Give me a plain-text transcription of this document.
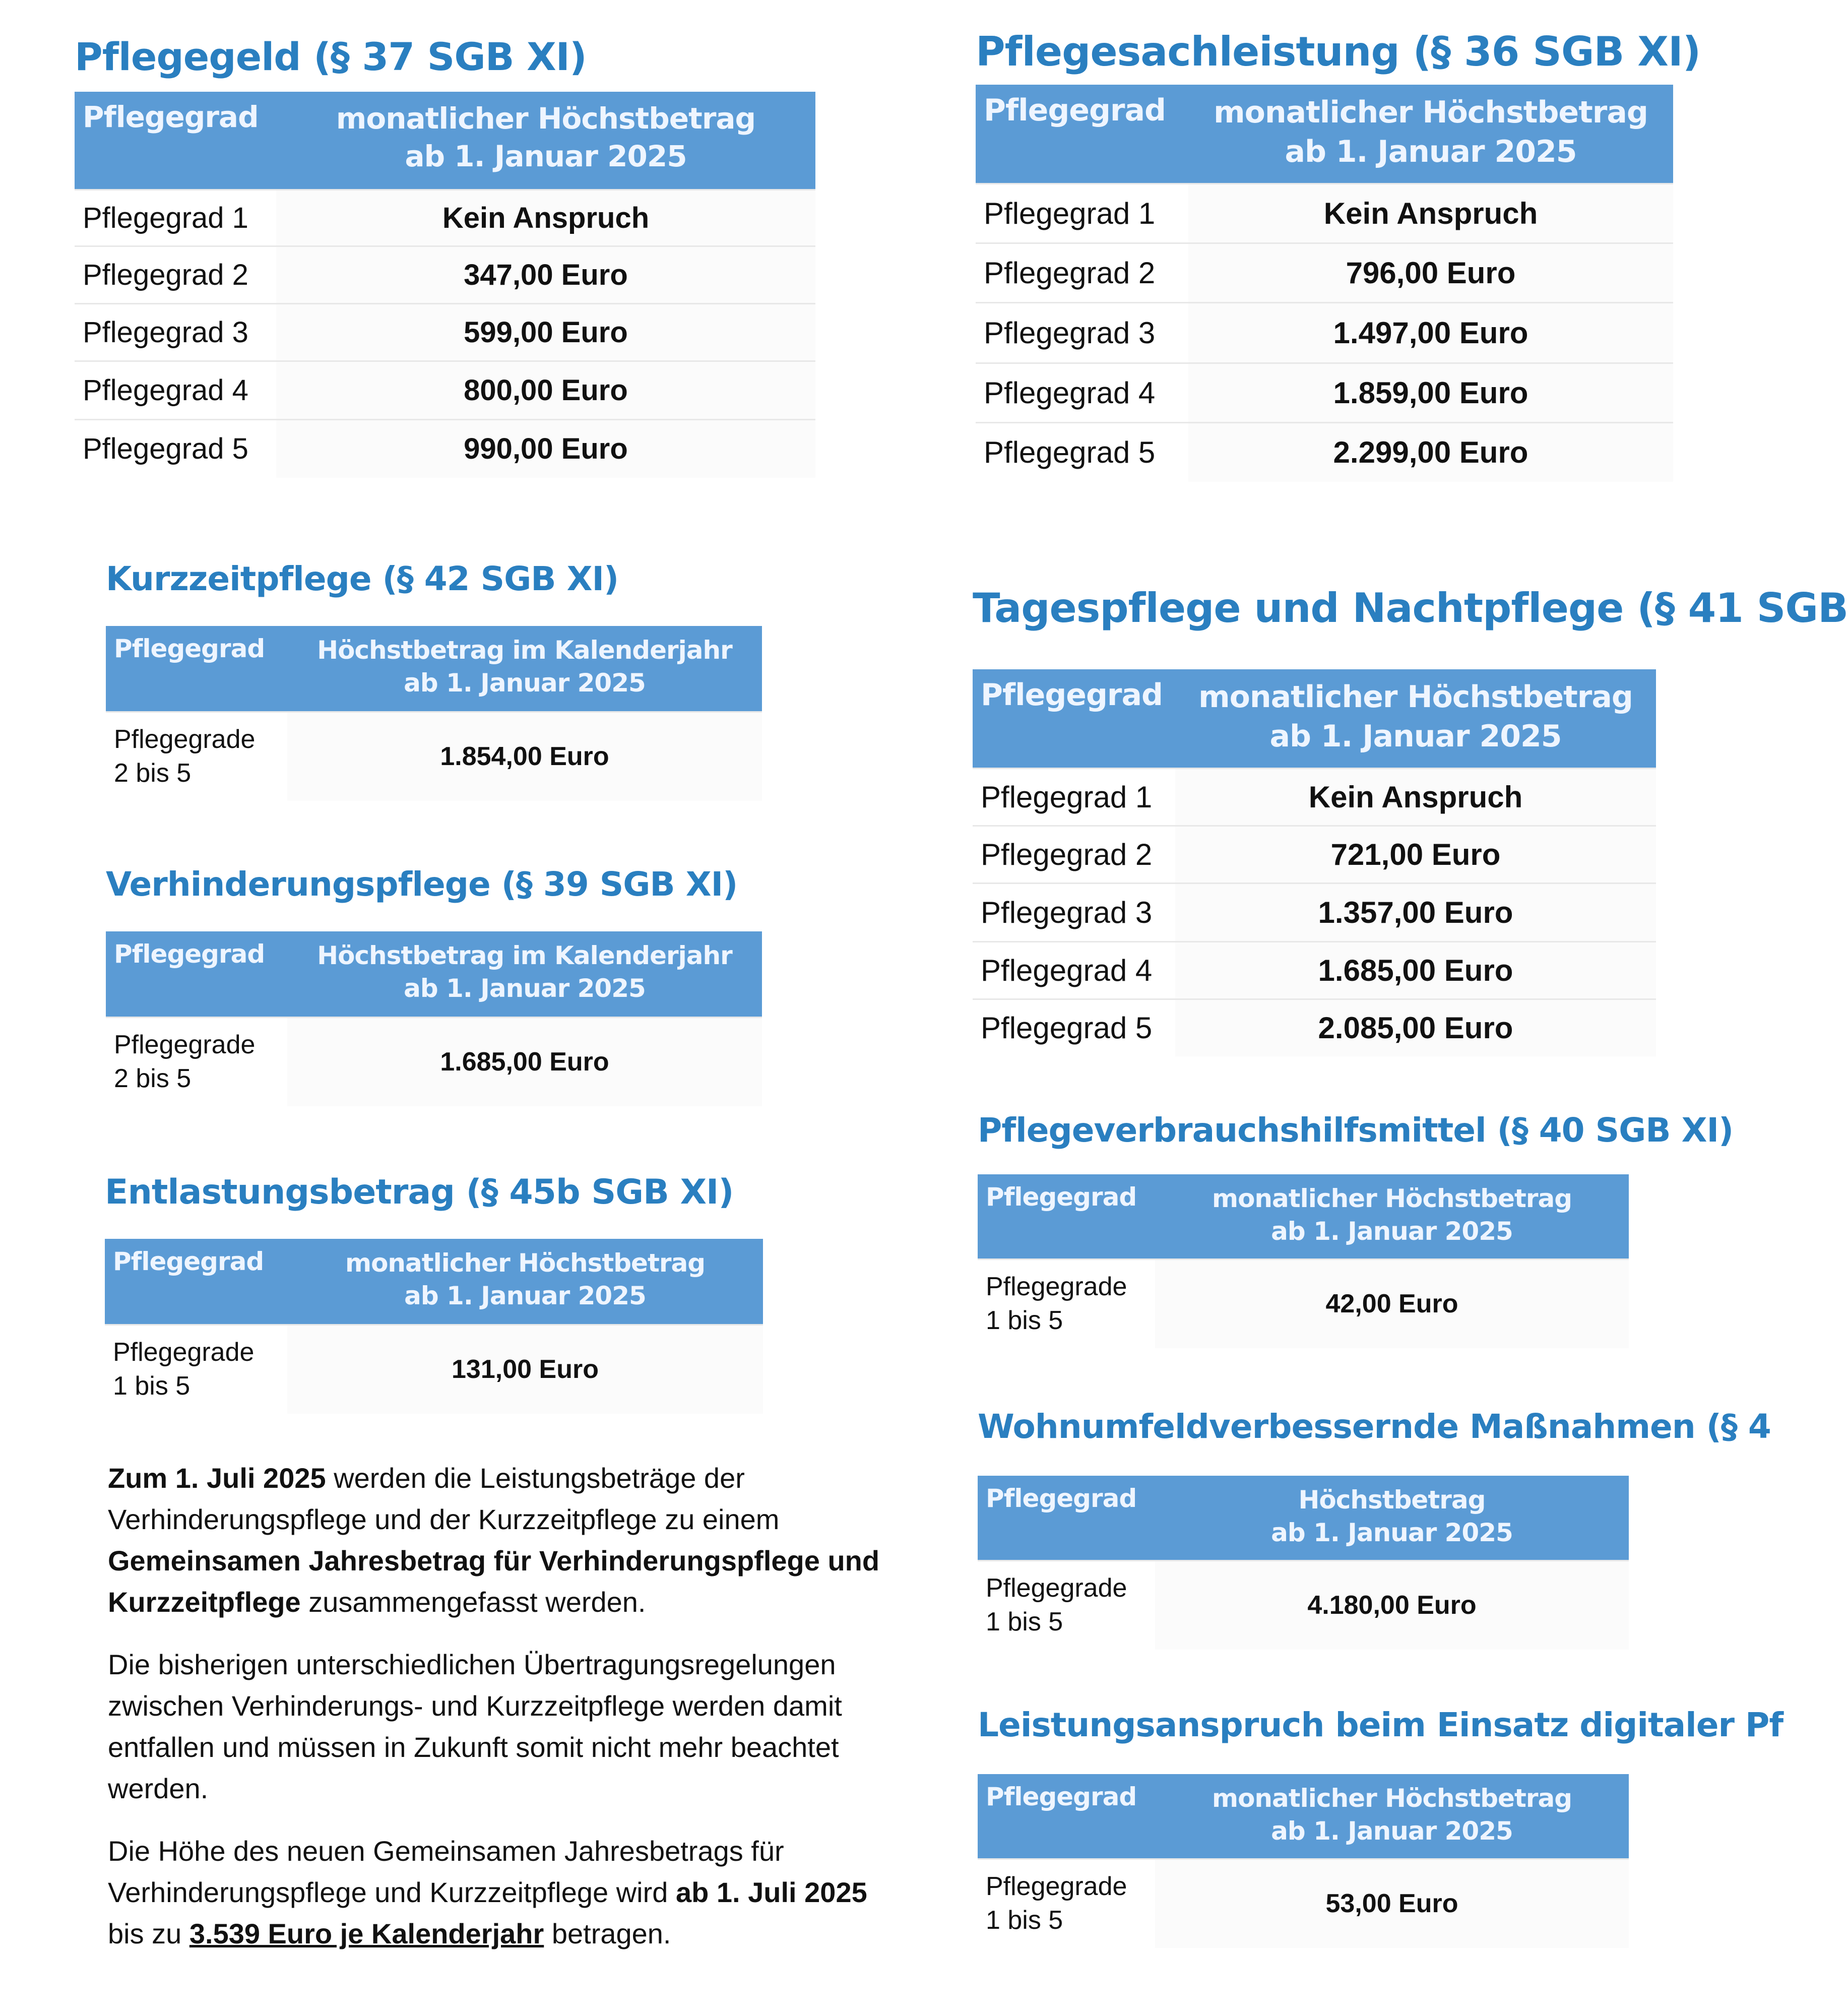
Pflegegeld (§ 37 SGB XI)
Pflegegrad	monatlicher Höchstbetrag
ab 1. Januar 2025

Pflegegrad 1	Kein Anspruch
Pflegegrad 2	347,00 Euro
Pflegegrad 3	599,00 Euro
Pflegegrad 4	800,00 Euro
Pflegegrad 5	990,00 Euro
Pflegesachleistung (§ 36 SGB XI)
Pflegegrad	monatlicher Höchstbetrag
ab 1. Januar 2025

Pflegegrad 1	Kein Anspruch
Pflegegrad 2	796,00 Euro
Pflegegrad 3	1.497,00 Euro
Pflegegrad 4	1.859,00 Euro
Pflegegrad 5	2.299,00 Euro
Kurzzeitpflege (§ 42 SGB XI)
Pflegegrad	Höchstbetrag im Kalenderjahr
ab 1. Januar 2025

Pflegegrade
2 bis 5	1.854,00 Euro
Tagespflege und Nachtpflege (§ 41 SGB
Pflegegrad	monatlicher Höchstbetrag
ab 1. Januar 2025

Pflegegrad 1	Kein Anspruch
Pflegegrad 2	721,00 Euro
Pflegegrad 3	1.357,00 Euro
Pflegegrad 4	1.685,00 Euro
Pflegegrad 5	2.085,00 Euro
Verhinderungspflege (§ 39 SGB XI)
Pflegegrad	Höchstbetrag im Kalenderjahr
ab 1. Januar 2025

Pflegegrade
2 bis 5	1.685,00 Euro
Pflegeverbrauchshilfsmittel (§ 40 SGB XI)
Pflegegrad	monatlicher Höchstbetrag
ab 1. Januar 2025

Pflegegrade
1 bis 5	42,00 Euro
Entlastungsbetrag (§ 45b SGB XI)
Pflegegrad	monatlicher Höchstbetrag
ab 1. Januar 2025

Pflegegrade
1 bis 5	131,00 Euro
Wohnumfeldverbessernde Maßnahmen (§ 4
Pflegegrad	Höchstbetrag
ab 1. Januar 2025

Pflegegrade
1 bis 5	4.180,00 Euro
Leistungsanspruch beim Einsatz digitaler Pf
Pflegegrad	monatlicher Höchstbetrag
ab 1. Januar 2025

Pflegegrade
1 bis 5	53,00 Euro

Zum 1. Juli 2025 werden die Leistungsbeträge der Verhinderungspflege und der Kurzzeitpflege zu einem Gemeinsamen Jahresbetrag für Verhinderungspflege und Kurzzeitpflege zusammengefasst werden.

Die bisherigen unterschiedlichen Übertragungsregelungen zwischen Verhinderungs- und Kurzzeitpflege werden damit entfallen und müssen in Zukunft somit nicht mehr beachtet werden.

Die Höhe des neuen Gemeinsamen Jahresbetrags für Verhinderungspflege und Kurzzeitpflege wird ab 1. Juli 2025 bis zu 3.539 Euro je Kalenderjahr betragen.
